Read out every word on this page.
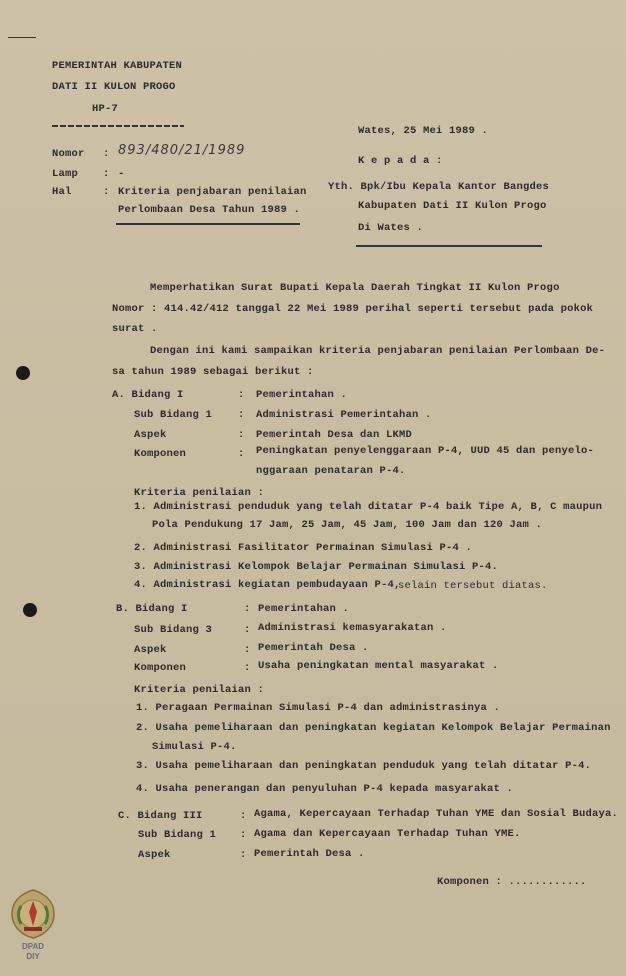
PEMERINTAH KABUPATEN
DATI II KULON PROGO
HP-7
Wates, 25 Mei 1989 .
Nomor : 893/480/21/1989
K e p a d a :
Lamp : -
Hal	: Kriteria penjabaran penilaian
Perlombaan Desa Tahun 1989 .
Yth. Bpk/Ibu Kepala Kantor Bangdes
Kabupaten Dati II Kulon Progo
Di Wates .
Memperhatikan Surat Bupati Kepala Daerah Tingkat II Kulon Progo
Nomor : 414.42/412 tanggal 22 Mei 1989 perihal seperti tersebut pada pokok
surat .
Dengan ini kami sampaikan kriteria penjabaran penilaian Perlombaan De-
sa tahun 1989 sebagai berikut :
A. Bidang I	: Pemerintahan .
Sub Bidang 1 : Administrasi Pemerintahan .
Aspek	: Pemerintah Desa dan LKMD
Komponen	: Peningkatan penyelenggaraan P-4, UUD 45 dan penyelo-
nggaraan penataran P-4.
Kriteria penilaian :
1. Administrasi penduduk yang telah ditatar P-4 baik Tipe A, B, C maupun
Pola Pendukung 17 Jam, 25 Jam, 45 Jam, 100 Jam dan 120 Jam .
2. Administrasi Fasilitator Permainan Simulasi P-4 .
3. Administrasi Kelompok Belajar Permainan Simulasi P-4.
4. Administrasi kegiatan pembudayaan P-4,
selain tersebut diatas.
B. Bidang I	: Pemerintahan .
Sub Bidang 3	: Administrasi kemasyarakatan .
Aspek	: Pemerintah Desa .
Komponen	: Usaha peningkatan mental masyarakat .
Kriteria penilaian :
1. Peragaan Permainan Simulasi P-4 dan administrasinya .
2. Usaha pemeliharaan dan peningkatan kegiatan Kelompok Belajar Permainan
Simulasi P-4.
3. Usaha pemeliharaan dan peningkatan penduduk yang telah ditatar P-4.
4. Usaha penerangan dan penyuluhan P-4 kepada masyarakat .
C. Bidang III	: Agama, Kepercayaan Terhadap Tuhan YME dan Sosial Budaya.
Sub Bidang 1 : Agama dan Kepercayaan Terhadap Tuhan YME.
Aspek	: Pemerintah Desa .
Komponen : ............
DPAD
DIY
